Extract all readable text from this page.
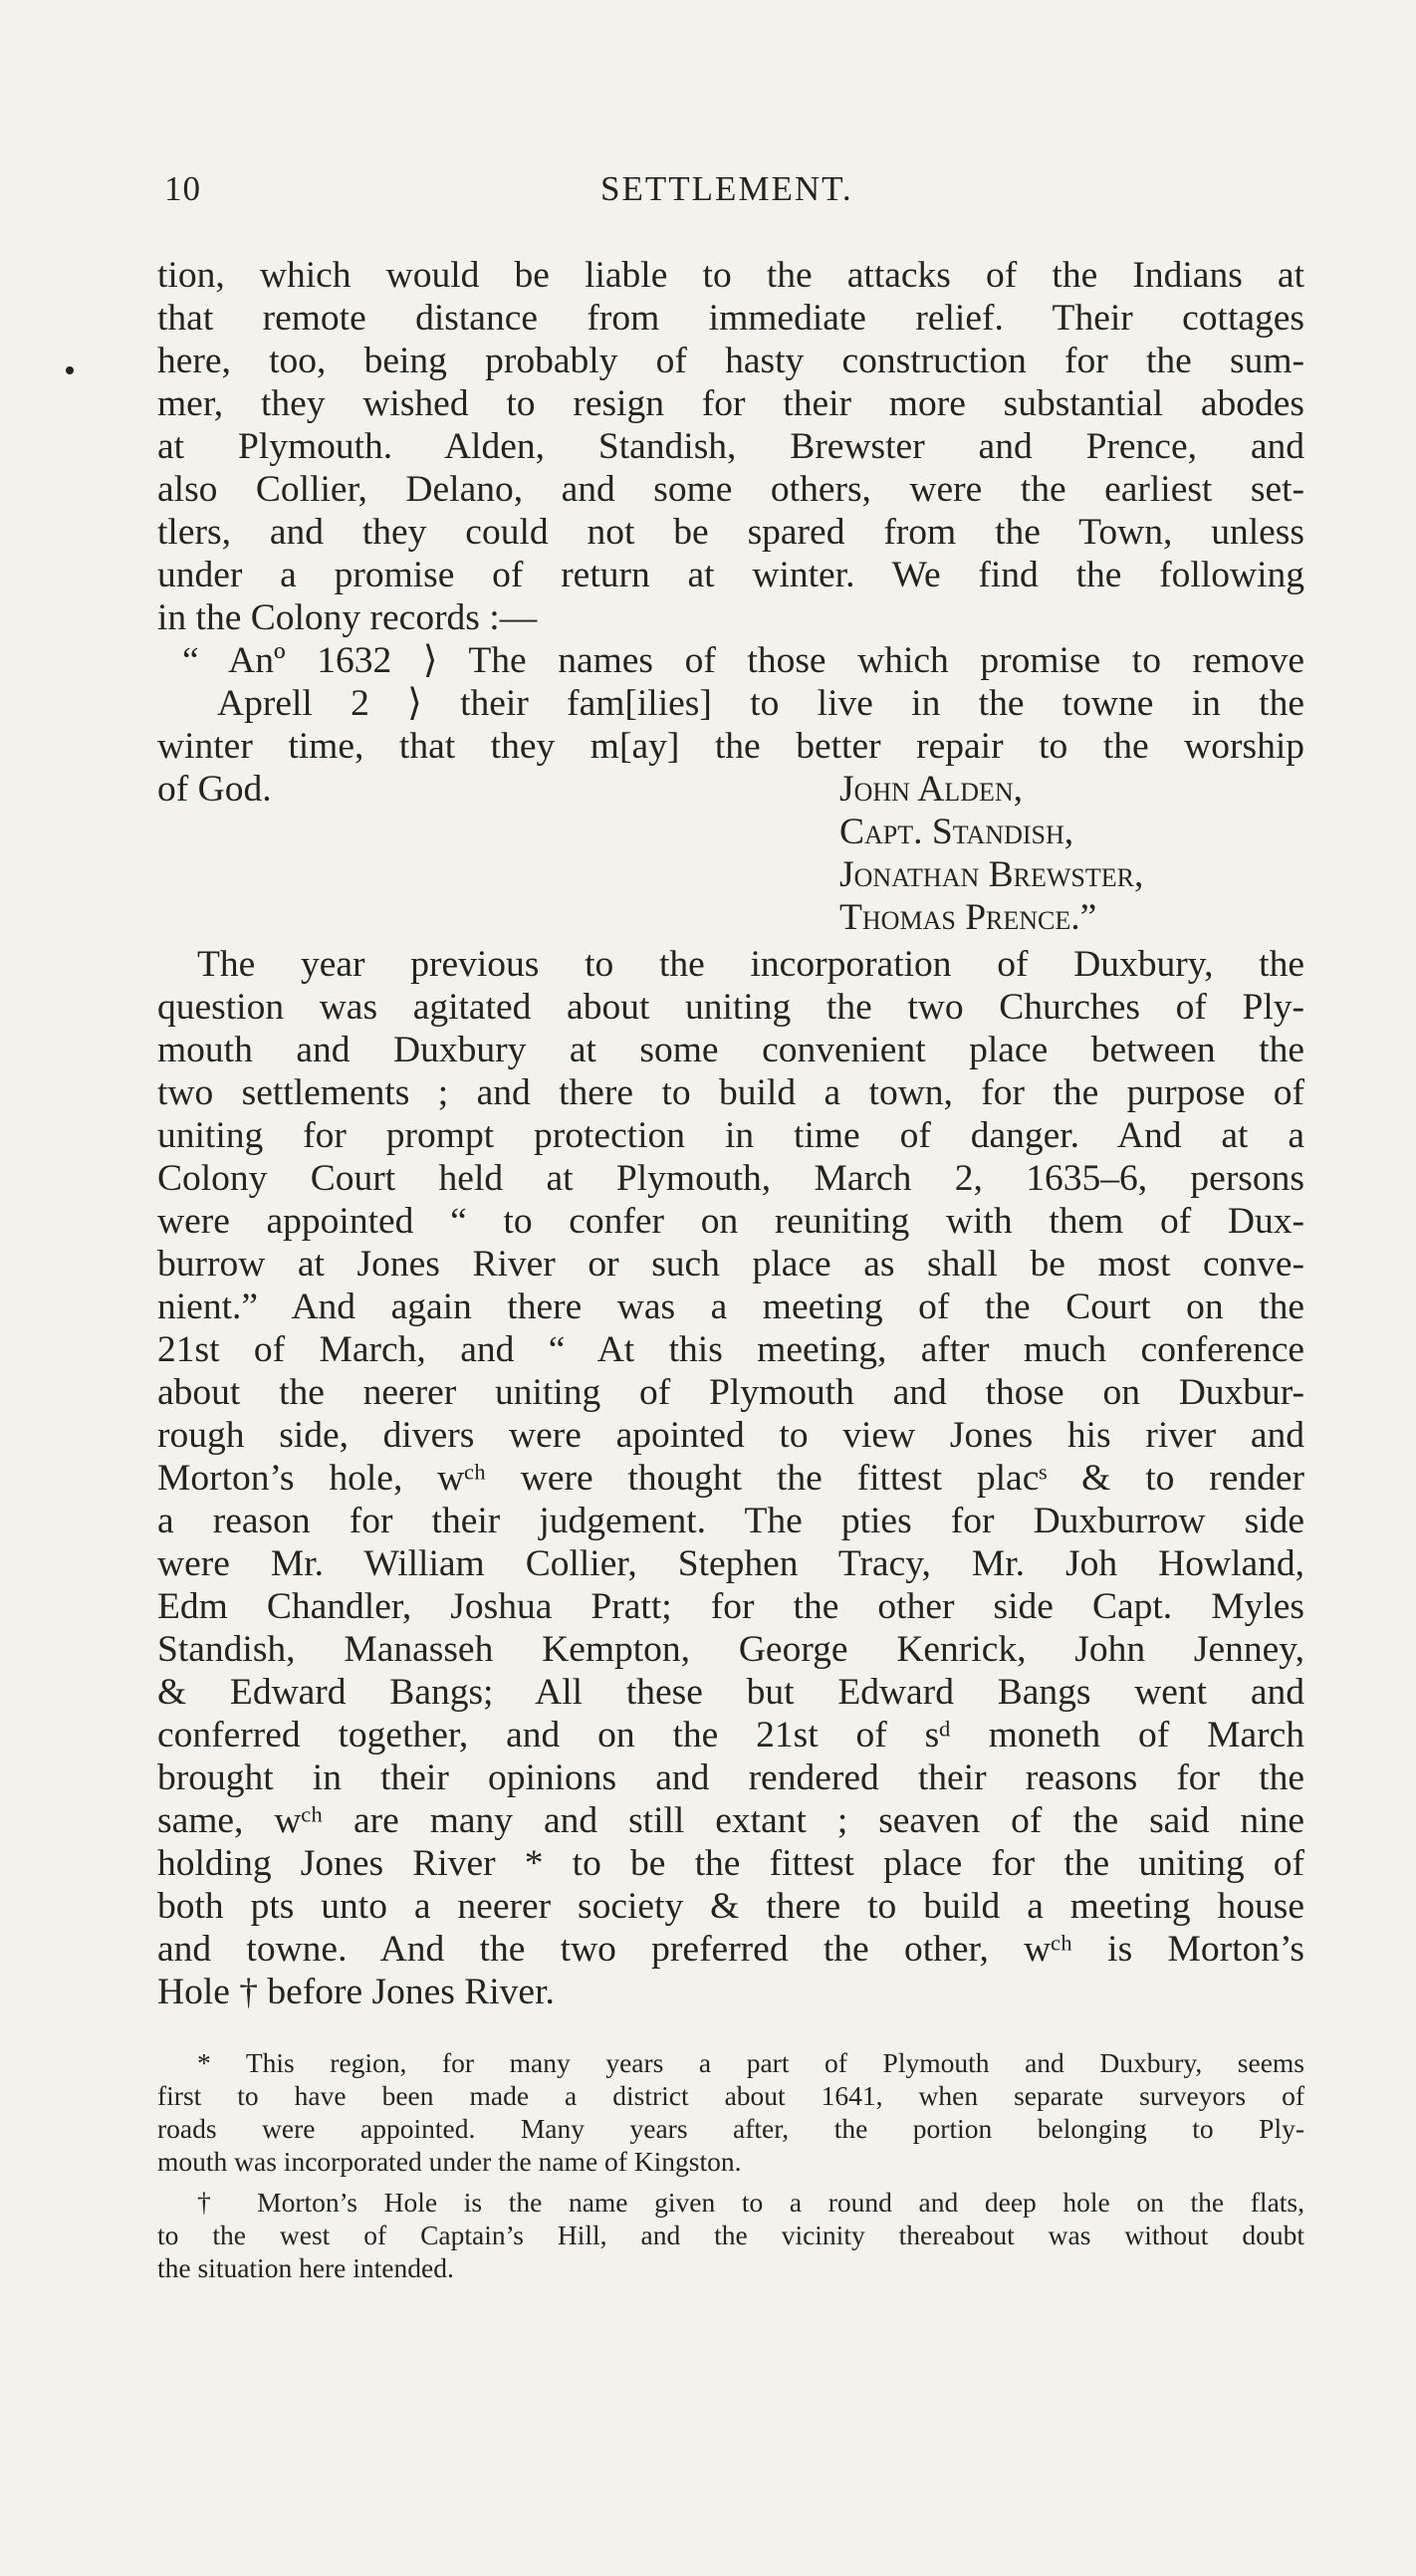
10	SETTLEMENT.
tion, which would be liable to the attacks of the Indians at
that remote distance from immediate relief. Their cottages
here, too, being probably of hasty construction for the sum-
mer, they wished to resign for their more substantial abodes
at Plymouth. Alden, Standish, Brewster and Prence, and
also Collier, Delano, and some others, were the earliest set-
tlers, and they could not be spared from the Town, unless
under a promise of return at winter. We find the following
in the Colony records :—
“ Anº 1632 ⟩ The names of those which promise to remove
Aprell 2 ⟩ their fam[ilies] to live in the towne in the
winter time, that they m[ay] the better repair to the worship
of God.	John Alden,
Capt. Standish,
Jonathan Brewster,
Thomas Prence.”
The year previous to the incorporation of Duxbury, the
question was agitated about uniting the two Churches of Ply-
mouth and Duxbury at some convenient place between the
two settlements ; and there to build a town, for the purpose of
uniting for prompt protection in time of danger. And at a
Colony Court held at Plymouth, March 2, 1635–6, persons
were appointed “ to confer on reuniting with them of Dux-
burrow at Jones River or such place as shall be most conve-
nient.” And again there was a meeting of the Court on the
21st of March, and “ At this meeting, after much conference
about the neerer uniting of Plymouth and those on Duxbur-
rough side, divers were apointed to view Jones his river and
Morton’s hole, wᶜʰ were thought the fittest placˢ & to render
a reason for their judgement. The pties for Duxburrow side
were Mr. William Collier, Stephen Tracy, Mr. Joh Howland,
Edm Chandler, Joshua Pratt; for the other side Capt. Myles
Standish, Manasseh Kempton, George Kenrick, John Jenney,
& Edward Bangs; All these but Edward Bangs went and
conferred together, and on the 21st of sᵈ moneth of March
brought in their opinions and rendered their reasons for the
same, wᶜʰ are many and still extant ; seaven of the said nine
holding Jones River * to be the fittest place for the uniting of
both pts unto a neerer society & there to build a meeting house
and towne. And the two preferred the other, wᶜʰ is Morton’s
Hole † before Jones River.
* This region, for many years a part of Plymouth and Duxbury, seems
first to have been made a district about 1641, when separate surveyors of
roads were appointed. Many years after, the portion belonging to Ply-
mouth was incorporated under the name of Kingston.
† Morton’s Hole is the name given to a round and deep hole on the flats,
to the west of Captain’s Hill, and the vicinity thereabout was without doubt
the situation here intended.
